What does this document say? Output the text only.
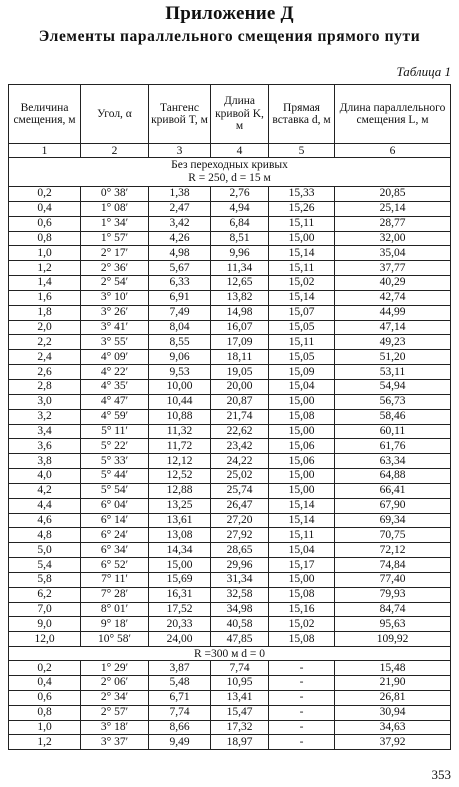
Приложение Д
Элементы параллельного смещения прямого пути
Таблица 1
Величина смещения, м	Угол, α	Тангенс кривой T, м	Длина кривой K, м	Прямая вставка d, м	Длина параллельного смещения L, м
1	2	3	4	5	6

Без переходных кривых
R = 250, d = 15 м					

0,2	0° 38′	1,38	2,76	15,33	20,85
0,4	1° 08′	2,47	4,94	15,26	25,14
0,6	1° 34′	3,42	6,84	15,11	28,77
0,8	1° 57′	4,26	8,51	15,00	32,00
1,0	2° 17′	4,98	9,96	15,14	35,04
1,2	2° 36′	5,67	11,34	15,11	37,77
1,4	2° 54′	6,33	12,65	15,02	40,29
1,6	3° 10′	6,91	13,82	15,14	42,74
1,8	3° 26′	7,49	14,98	15,07	44,99
2,0	3° 41′	8,04	16,07	15,05	47,14
2,2	3° 55′	8,55	17,09	15,11	49,23
2,4	4° 09′	9,06	18,11	15,05	51,20
2,6	4° 22′	9,53	19,05	15,09	53,11
2,8	4° 35′	10,00	20,00	15,04	54,94
3,0	4° 47′	10,44	20,87	15,00	56,73
3,2	4° 59′	10,88	21,74	15,08	58,46
3,4	5° 11′	11,32	22,62	15,00	60,11
3,6	5° 22′	11,72	23,42	15,06	61,76
3,8	5° 33′	12,12	24,22	15,06	63,34
4,0	5° 44′	12,52	25,02	15,00	64,88
4,2	5° 54′	12,88	25,74	15,00	66,41
4,4	6° 04′	13,25	26,47	15,14	67,90
4,6	6° 14′	13,61	27,20	15,14	69,34
4,8	6° 24′	13,08	27,92	15,11	70,75
5,0	6° 34′	14,34	28,65	15,04	72,12
5,4	6° 52′	15,00	29,96	15,17	74,84
5,8	7° 11′	15,69	31,34	15,00	77,40
6,2	7° 28′	16,31	32,58	15,08	79,93
7,0	8° 01′	17,52	34,98	15,16	84,74
9,0	9° 18′	20,33	40,58	15,02	95,63
12,0	10° 58′	24,00	47,85	15,08	109,92
R =300 м d = 0					
0,2	1° 29′	3,87	7,74	-	15,48
0,4	2° 06′	5,48	10,95	-	21,90
0,6	2° 34′	6,71	13,41	-	26,81
0,8	2° 57′	7,74	15,47	-	30,94
1,0	3° 18′	8,66	17,32	-	34,63
1,2	3° 37′	9,49	18,97	-	37,92
353
